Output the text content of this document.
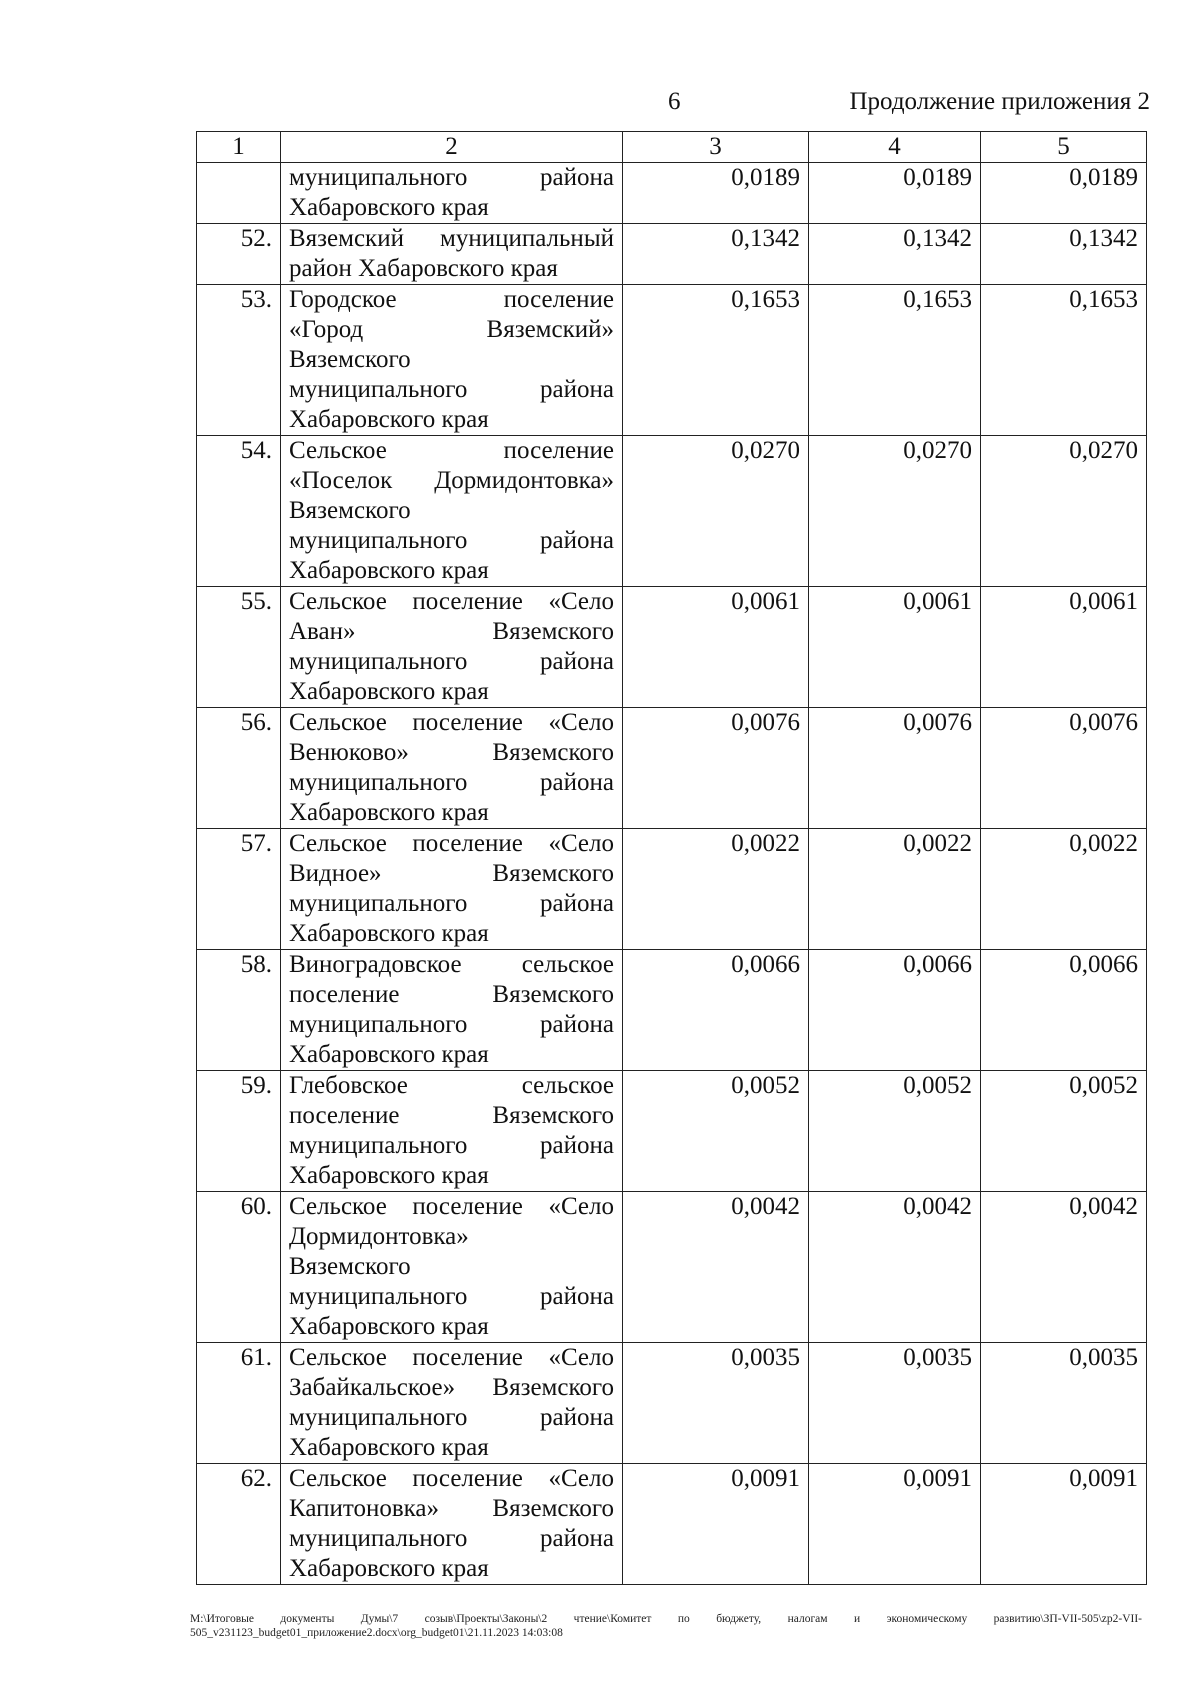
6	Продолжение приложения 2
1	2	3	4	5

	муниципального района
Хабаровского края	0,0189	0,0189	0,0189
52.	Вяземский муниципальный
район Хабаровского края	0,1342	0,1342	0,1342
53.	Городское поселение
«Город Вяземский»
Вяземского
муниципального района
Хабаровского края	0,1653	0,1653	0,1653
54.	Сельское поселение
«Поселок Дормидонтовка»
Вяземского
муниципального района
Хабаровского края	0,0270	0,0270	0,0270
55.	Сельское поселение «Село
Аван» Вяземского
муниципального района
Хабаровского края	0,0061	0,0061	0,0061
56.	Сельское поселение «Село
Венюково» Вяземского
муниципального района
Хабаровского края	0,0076	0,0076	0,0076
57.	Сельское поселение «Село
Видное» Вяземского
муниципального района
Хабаровского края	0,0022	0,0022	0,0022
58.	Виноградовское сельское
поселение Вяземского
муниципального района
Хабаровского края	0,0066	0,0066	0,0066
59.	Глебовское сельское
поселение Вяземского
муниципального района
Хабаровского края	0,0052	0,0052	0,0052
60.	Сельское поселение «Село
Дормидонтовка»
Вяземского
муниципального района
Хабаровского края	0,0042	0,0042	0,0042
61.	Сельское поселение «Село
Забайкальское» Вяземского
муниципального района
Хабаровского края	0,0035	0,0035	0,0035
62.	Сельское поселение «Село
Капитоновка» Вяземского
муниципального района
Хабаровского края	0,0091	0,0091	0,0091
М:\Итоговые документы Думы\7 созыв\Проекты\Законы\2 чтение\Комитет по бюджету, налогам и экономическому развитию\ЗП-VII-505\zp2-VII-505_v231123_budget01_приложение2.docx\org_budget01\21.11.2023 14:03:08
